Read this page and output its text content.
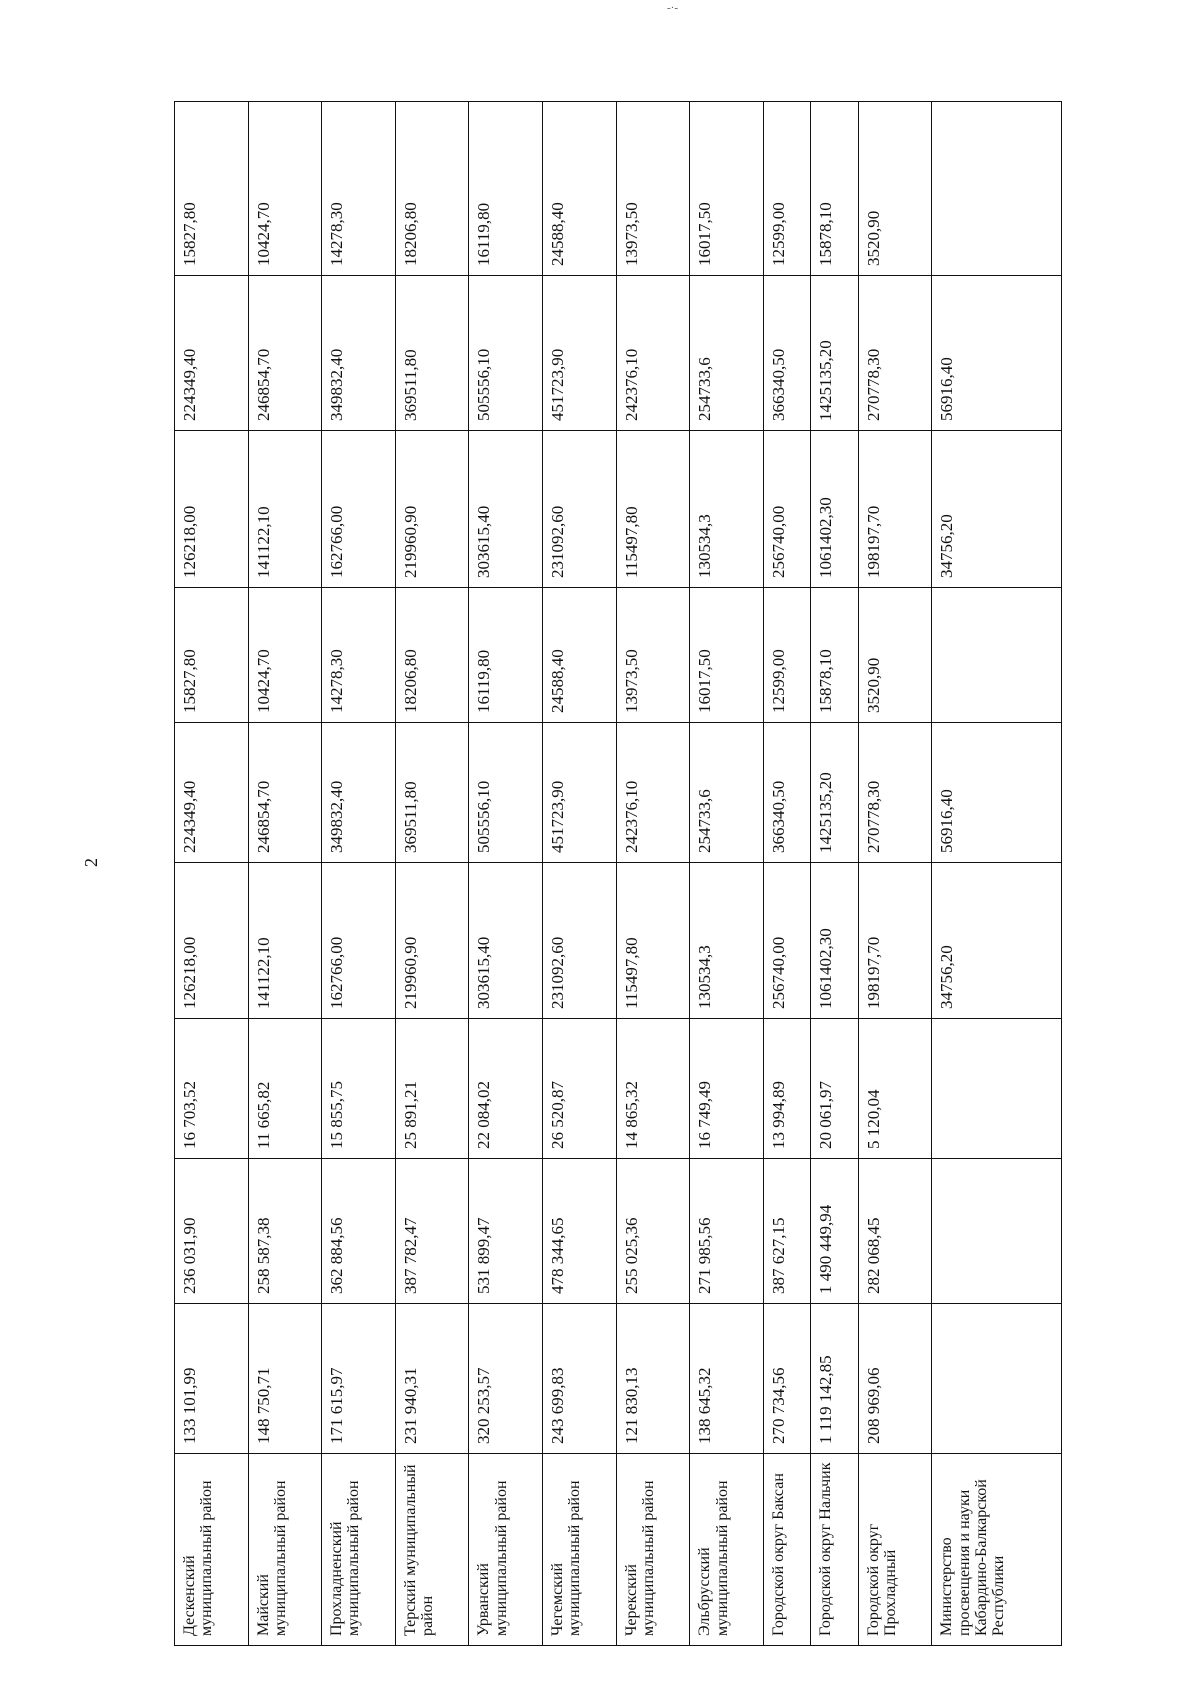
-·-
2
Дескенский муниципальный район	133 101,99	236 031,90	16 703,52	126218,00	224349,40	15827,80	126218,00	224349,40	15827,80
Майский муниципальный район	148 750,71	258 587,38	11 665,82	141122,10	246854,70	10424,70	141122,10	246854,70	10424,70
Прохладненский муниципальный район	171 615,97	362 884,56	15 855,75	162766,00	349832,40	14278,30	162766,00	349832,40	14278,30
Терский муниципальный район	231 940,31	387 782,47	25 891,21	219960,90	369511,80	18206,80	219960,90	369511,80	18206,80
Урванский муниципальный район	320 253,57	531 899,47	22 084,02	303615,40	505556,10	16119,80	303615,40	505556,10	16119,80
Чегемский муниципальный район	243 699,83	478 344,65	26 520,87	231092,60	451723,90	24588,40	231092,60	451723,90	24588,40
Черекский муниципальный район	121 830,13	255 025,36	14 865,32	115497,80	242376,10	13973,50	115497,80	242376,10	13973,50
Эльбрусский муниципальный район	138 645,32	271 985,56	16 749,49	130534,3	254733,6	16017,50	130534,3	254733,6	16017,50
Городской округ Баксан	270 734,56	387 627,15	13 994,89	256740,00	366340,50	12599,00	256740,00	366340,50	12599,00
Городской округ Нальчик	1 119 142,85	1 490 449,94	20 061,97	1061402,30	1425135,20	15878,10	1061402,30	1425135,20	15878,10
Городской округ Прохладный	208 969,06	282 068,45	5 120,04	198197,70	270778,30	3520,90	198197,70	270778,30	3520,90
Министерство просвещения и науки Кабардино-Балкарской Республики				34756,20	56916,40		34756,20	56916,40	
